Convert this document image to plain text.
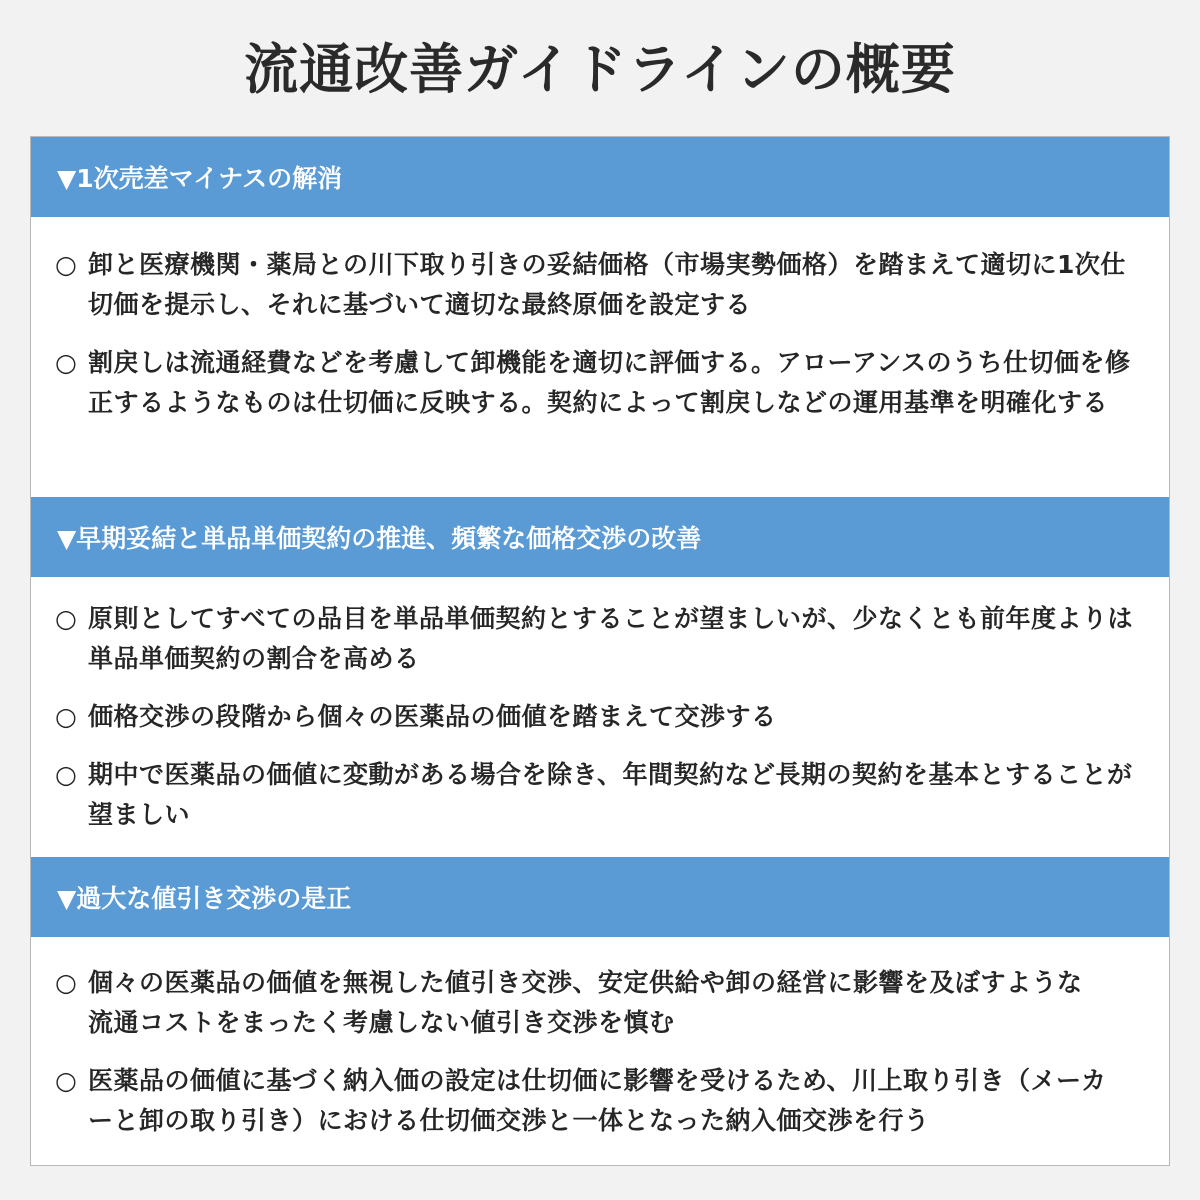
流通改善ガイドラインの概要
▼1次売差マイナスの解消
○ 卸と医療機関・薬局との川下取り引きの妥結価格（市場実勢価格）を踏まえて適切に1次仕切価を提示し、それに基づいて適切な最終原価を設定する
○ 割戻しは流通経費などを考慮して卸機能を適切に評価する。アローアンスのうち仕切価を修正するようなものは仕切価に反映する。契約によって割戻しなどの運用基準を明確化する
▼早期妥結と単品単価契約の推進、頻繁な価格交渉の改善
○ 原則としてすべての品目を単品単価契約とすることが望ましいが、少なくとも前年度よりは単品単価契約の割合を高める
○ 価格交渉の段階から個々の医薬品の価値を踏まえて交渉する
○ 期中で医薬品の価値に変動がある場合を除き、年間契約など長期の契約を基本とすることが望ましい
▼過大な値引き交渉の是正
○ 個々の医薬品の価値を無視した値引き交渉、安定供給や卸の経営に影響を及ぼすような流通コストをまったく考慮しない値引き交渉を慎む
○ 医薬品の価値に基づく納入価の設定は仕切価に影響を受けるため、川上取り引き（メーカーと卸の取り引き）における仕切価交渉と一体となった納入価交渉を行う
